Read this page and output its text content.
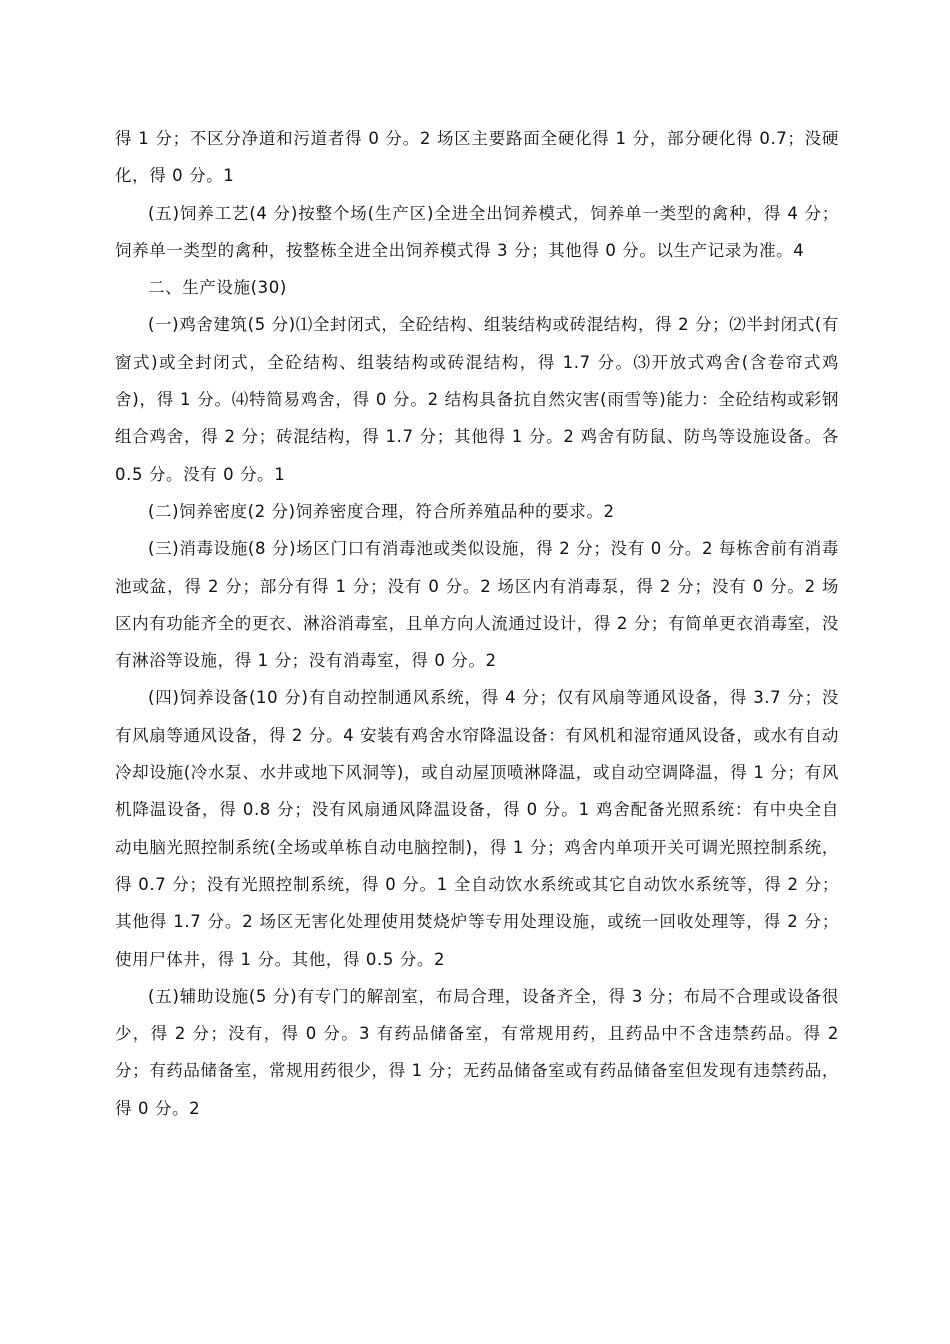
得 1 分；不区分净道和污道者得 0 分。2 场区主要路面全硬化得 1 分，部分硬化得 0.7；没硬化，得 0 分。1

(五)饲养工艺(4 分)按整个场(生产区)全进全出饲养模式，饲养单一类型的禽种，得 4 分；饲养单一类型的禽种，按整栋全进全出饲养模式得 3 分；其他得 0 分。以生产记录为准。4

二、生产设施(30)

(一)鸡舍建筑(5 分)⑴全封闭式，全砼结构、组装结构或砖混结构，得 2 分；⑵半封闭式(有窗式)或全封闭式，全砼结构、组装结构或砖混结构，得 1.7 分。⑶开放式鸡舍(含卷帘式鸡舍)，得 1 分。⑷特简易鸡舍，得 0 分。2 结构具备抗自然灾害(雨雪等)能力：全砼结构或彩钢组合鸡舍，得 2 分；砖混结构，得 1.7 分；其他得 1 分。2 鸡舍有防鼠、防鸟等设施设备。各 0.5 分。没有 0 分。1

(二)饲养密度(2 分)饲养密度合理，符合所养殖品种的要求。2

(三)消毒设施(8 分)场区门口有消毒池或类似设施，得 2 分；没有 0 分。2 每栋舍前有消毒池或盆，得 2 分；部分有得 1 分；没有 0 分。2 场区内有消毒泵，得 2 分；没有 0 分。2 场区内有功能齐全的更衣、淋浴消毒室，且单方向人流通过设计，得 2 分；有简单更衣消毒室，没有淋浴等设施，得 1 分；没有消毒室，得 0 分。2

(四)饲养设备(10 分)有自动控制通风系统，得 4 分；仅有风扇等通风设备，得 3.7 分；没有风扇等通风设备，得 2 分。4 安装有鸡舍水帘降温设备：有风机和湿帘通风设备，或水有自动冷却设施(冷水泵、水井或地下风洞等)，或自动屋顶喷淋降温，或自动空调降温，得 1 分；有风机降温设备，得 0.8 分；没有风扇通风降温设备，得 0 分。1 鸡舍配备光照系统：有中央全自动电脑光照控制系统(全场或单栋自动电脑控制)，得 1 分；鸡舍内单项开关可调光照控制系统，得 0.7 分；没有光照控制系统，得 0 分。1 全自动饮水系统或其它自动饮水系统等，得 2 分；其他得 1.7 分。2 场区无害化处理使用焚烧炉等专用处理设施，或统一回收处理等，得 2 分；使用尸体井，得 1 分。其他，得 0.5 分。2

(五)辅助设施(5 分)有专门的解剖室，布局合理，设备齐全，得 3 分；布局不合理或设备很少，得 2 分；没有，得 0 分。3 有药品储备室，有常规用药，且药品中不含违禁药品。得 2 分；有药品储备室，常规用药很少，得 1 分；无药品储备室或有药品储备室但发现有违禁药品，得 0 分。2
